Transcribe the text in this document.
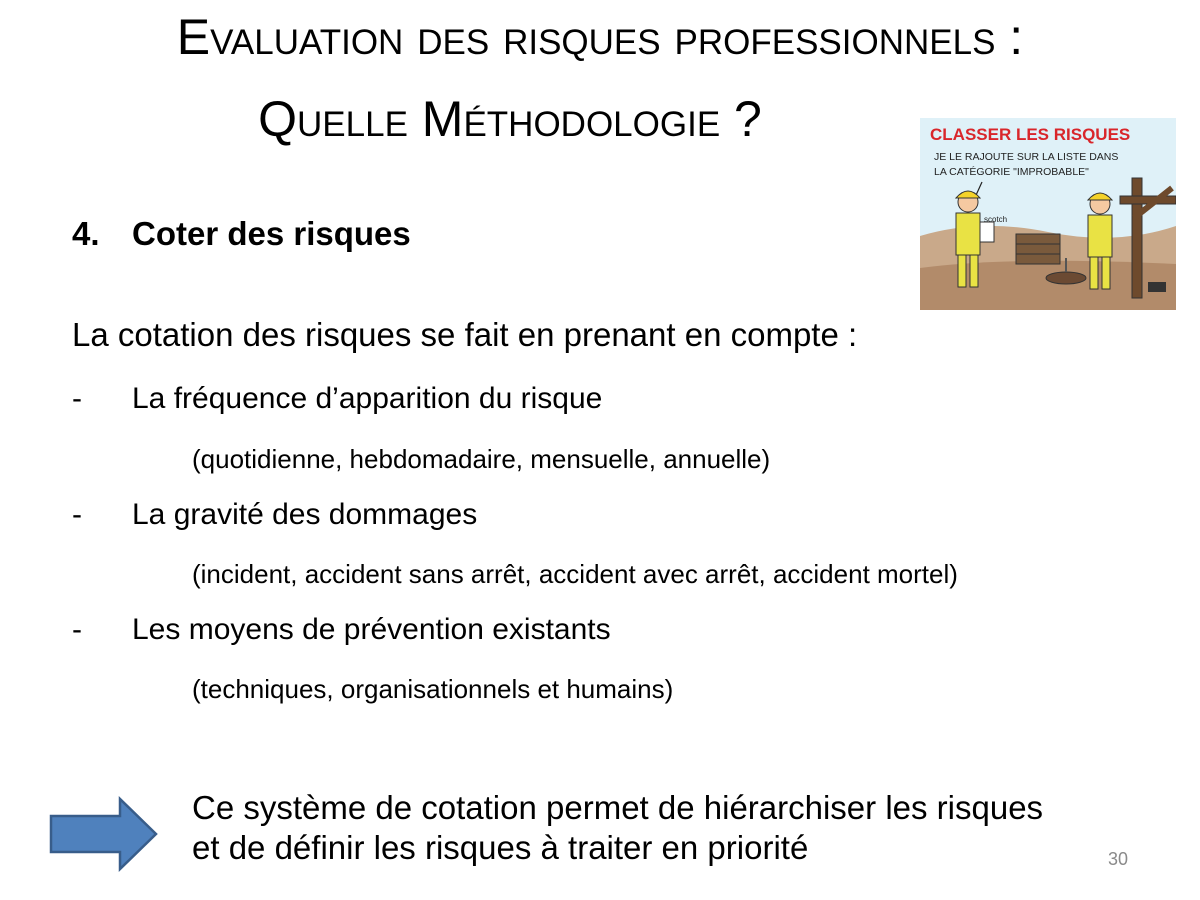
Evaluation des risques professionnels :
Quelle Méthodologie ?	CLASSER LES RISQUES
JE LE RAJOUTE SUR LA LISTE DANS
LA CATÉGORIE "IMPROBABLE"
scotch
4. Coter des risques
La cotation des risques se fait en prenant en compte :
- La fréquence d’apparition du risque
(quotidienne, hebdomadaire, mensuelle, annuelle)
- La gravité des dommages
(incident, accident sans arrêt, accident avec arrêt, accident mortel)
- Les moyens de prévention existants
(techniques, organisationnels et humains)
Ce système de cotation permet de hiérarchiser les risques
et de définir les risques à traiter en priorité	30
